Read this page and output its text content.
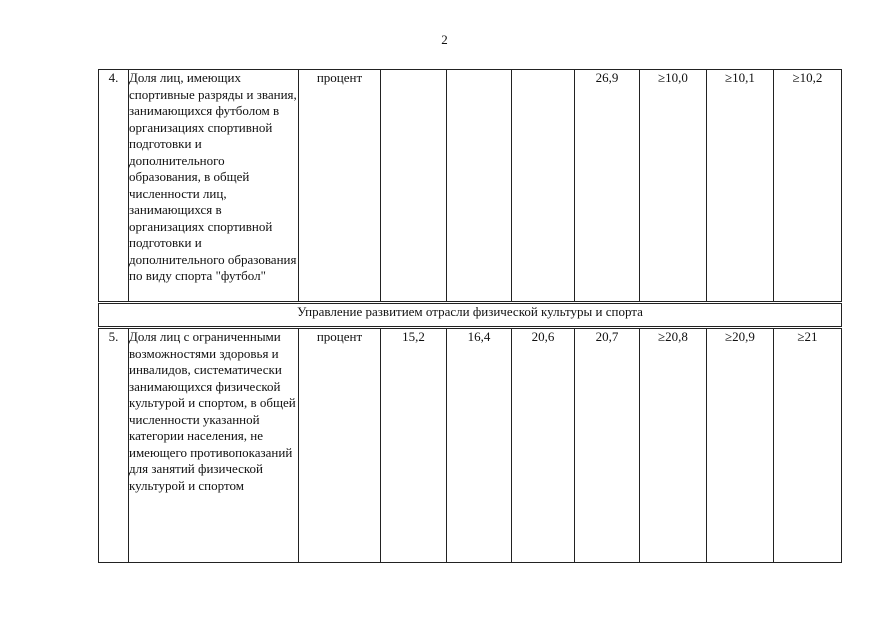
2
4.	Доля лиц, имеющих спортивные разряды и звания, занимающихся футболом в организациях спортивной подготовки и дополнительного образования, в общей численности лиц, занимающихся в организациях спортивной подготовки и дополнительного образования по виду спорта "футбол"	процент				26,9	≥10,0	≥10,1	≥10,2
Управление развитием отрасли физической культуры и спорта									
5.	Доля лиц с ограниченными возможностями здоровья и инвалидов, систематически занимающихся физической культурой и спортом, в общей численности указанной категории населения, не имеющего противопоказаний для занятий физической культурой и спортом	процент	15,2	16,4	20,6	20,7	≥20,8	≥20,9	≥21
